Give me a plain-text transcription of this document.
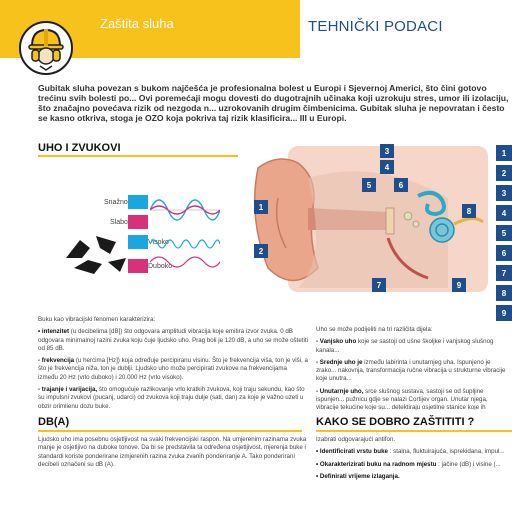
Zaštita sluha	TEHNIČKI PODACI
Gubitak sluha povezan s bukom najčešća je profesionalna bolest u Europi i Sjevernoj Americi, što čini gotovo trećinu svih bolesti po... Ovi poremećaji mogu dovesti do dugotrajnih učinaka koji uzrokuju stres, umor ili izolaciju, što značajno povećava rizik od nezgoda n... uzrokovanih drugim čimbenicima. Gubitak sluha je nepovratan i često se kasno otkriva, stoga je OZO koja pokriva taj rizik klasificira... III u Europi.
UHO I ZVUKOVI
Snažno
Slabo
Visoko
Duboko
Buku kao vibracijski fenomen karakterizira:
• intenzitet (u decibelima [dB]) što odgovara amplitudi vibracija koje emitira izvor zvuka. 0 dB odgovara minimalnoj razini zvuka koju čuje ljudsko uho. Prag boli je 120 dB, a uho se može oštetiti od 85 dB.
- frekvencija (u hercima [Hz]) koja određuje percipiranu visinu. Što je frekvencija viša, ton je viši, a što je frekvencija niža, ton je dublji. Ljudsko uho može percipirati zvukove na frekvencijama između 20 Hz (vrlo duboko) i 20.000 Hz (vrlo visoko).
- trajanje i varijacija, što omogućuje razlikovanje vrlo kratkih zvukova, koji traju sekundu, kao što su impulsni zvukovi (pucanj, udarci) od zvukova koji traju dulje (sati, dan) za koje je važno uzeti u obzir primljenu dozu buke.
1
2
3
4
5	6
7
8
9
1
2
3
4
5
6
7
8
9
Uho se može podijeliti na tri različita dijela:
- Vanjsko uho koje se sastoji od ušne školjke i vanjskog slušnog kanala...
- Srednje uho je između labirinta i unutarnjeg uha. Ispunjeno je zrako... nakovnja, transformacija ručne vibracija u strukturne vibracije koje unutra...
- Unutarnje uho, srce slušnog sustava, sastoji se od šupljine ispunjen... pužnicu gdje se nalazi Cortijev organ. Unutar njega, vibracije tekućine koje su... detektiraju osjetilne stanice koje ih
DB(A)
Ljudsko uho ima posebnu osjetljivost na svaki frekvencijski raspon. Na umjerenim razinama zvuka manje je osjetljivo na duboke tonove. Da bi se predstavila ta određena osjetljivost, mjerenja buke i standardi koriste ponderirane izmjerenih razina zvuka zvanih ponderiranje A. Tako ponderirani decibeli označeni su dB (A).
KAKO SE DOBRO ZAŠTITITI ?
Izabrati odgovarajući antifon.
• Identificirati vrstu buke : stalna, fluktuirajuća, isprekidana, impul...
• Okarakterizirati buku na radnom mjestu : jačine (dB) i visine (...
• Definirati vrijeme izlaganja.
